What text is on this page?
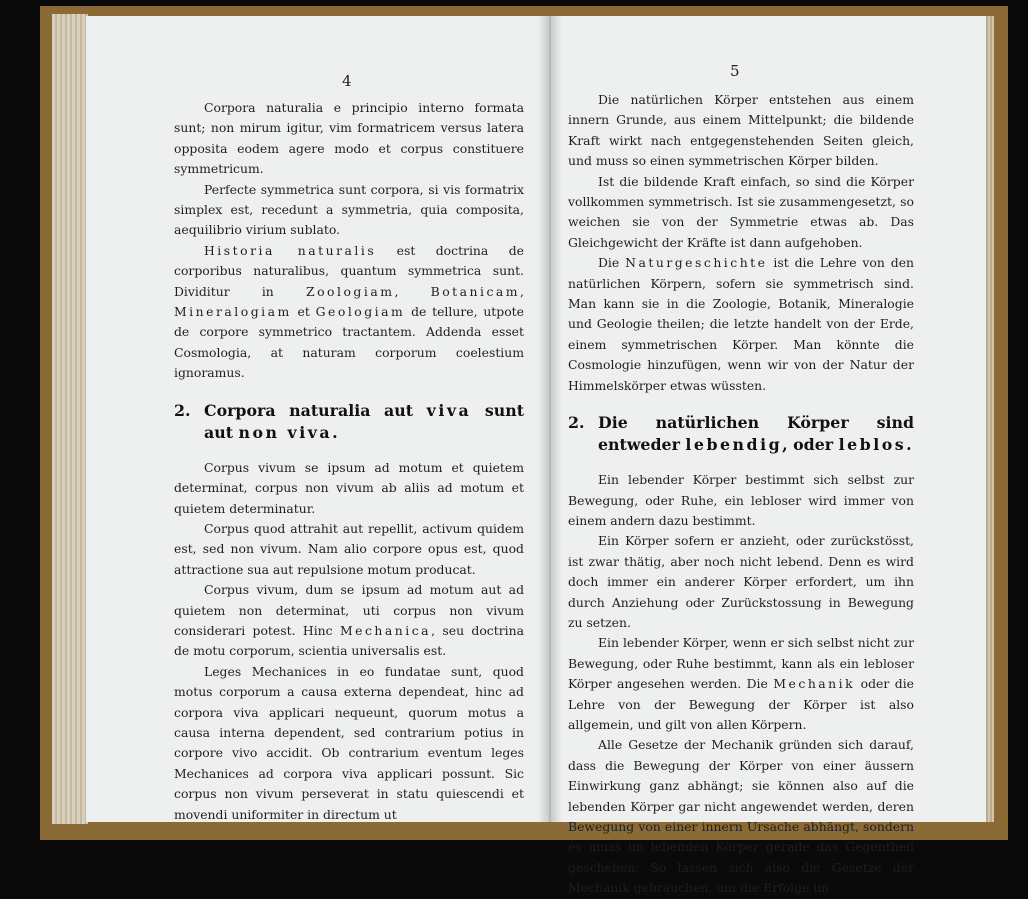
4

Corpora naturalia e principio interno formata sunt; non mirum igitur, vim formatricem versus latera opposita eodem agere modo et corpus constituere symmetricum.

Perfecte symmetrica sunt corpora, si vis formatrix simplex est, recedunt a symmetria, quia composita, aequilibrio virium sublato.

Historia naturalis est doctrina de corporibus naturalibus, quantum symmetrica sunt. Dividitur in Zoologiam, Botanicam, Mineralogiam et Geologiam de tellure, utpote de corpore symmetrico tractantem. Addenda esset Cosmologia, at naturam corporum coelestium ignoramus.

2. Corpora naturalia aut viva sunt aut non viva.

Corpus vivum se ipsum ad motum et quietem determinat, corpus non vivum ab aliis ad motum et quietem determinatur.

Corpus quod attrahit aut repellit, activum quidem est, sed non vivum. Nam alio corpore opus est, quod attractione sua aut repulsione motum producat.

Corpus vivum, dum se ipsum ad motum aut ad quietem non determinat, uti corpus non vivum considerari potest. Hinc Mechanica, seu doctrina de motu corporum, scientia universalis est.

Leges Mechanices in eo fundatae sunt, quod motus corporum a causa externa dependeat, hinc ad corpora viva applicari nequeunt, quorum motus a causa interna dependent, sed contrarium potius in corpore vivo accidit. Ob contrarium eventum leges Mechanices ad corpora viva applicari possunt. Sic corpus non vivum perseverat in statu quiescendi et movendi uniformiter in directum ut

5

Die natürlichen Körper entstehen aus einem innern Grunde, aus einem Mittelpunkt; die bildende Kraft wirkt nach entgegenstehenden Seiten gleich, und muss so einen symmetrischen Körper bilden.

Ist die bildende Kraft einfach, so sind die Körper vollkommen symmetrisch. Ist sie zusammengesetzt, so weichen sie von der Symmetrie etwas ab. Das Gleichgewicht der Kräfte ist dann aufgehoben.

Die Naturgeschichte ist die Lehre von den natürlichen Körpern, sofern sie symmetrisch sind. Man kann sie in die Zoologie, Botanik, Mineralogie und Geologie theilen; die letzte handelt von der Erde, einem symmetrischen Körper. Man könnte die Cosmologie hinzufügen, wenn wir von der Natur der Himmelskörper etwas wüssten.

2. Die natürlichen Körper sind entweder lebendig, oder leblos.

Ein lebender Körper bestimmt sich selbst zur Bewegung, oder Ruhe, ein lebloser wird immer von einem andern dazu bestimmt.

Ein Körper sofern er anzieht, oder zurückstösst, ist zwar thätig, aber noch nicht lebend. Denn es wird doch immer ein anderer Körper erfordert, um ihn durch Anziehung oder Zurückstossung in Bewegung zu setzen.

Ein lebender Körper, wenn er sich selbst nicht zur Bewegung, oder Ruhe bestimmt, kann als ein lebloser Körper angesehen werden. Die Mechanik oder die Lehre von der Bewegung der Körper ist also allgemein, und gilt von allen Körpern.

Alle Gesetze der Mechanik gründen sich darauf, dass die Bewegung der Körper von einer äussern Einwirkung ganz abhängt; sie können also auf die lebenden Körper gar nicht angewendet werden, deren Bewegung von einer innern Ursache abhängt, sondern es muss im lebenden Körper gerade das Gegentheil geschehen. So lassen sich also die Gesetze der Mechanik gebrauchen, um die Erfolge im
